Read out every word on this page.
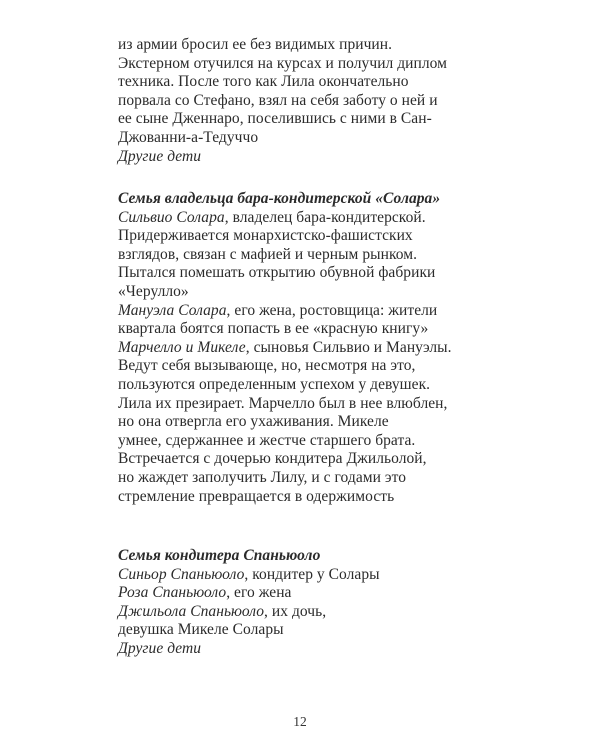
из армии бросил ее без видимых причин.
Экстерном отучился на курсах и получил диплом
техника. После того как Лила окончательно
порвала со Стефано, взял на себя заботу о ней и
ее сыне Дженнаро, поселившись с ними в Сан-
Джованни-а-Тедуччо
Другие дети
Семья владельца бара-кондитерской «Солара»
Сильвио Солара, владелец бара-кондитерской.
Придерживается монархистско-фашистских
взглядов, связан с мафией и черным рынком.
Пытался помешать открытию обувной фабрики
«Черулло»
Мануэла Солара, его жена, ростовщица: жители
квартала боятся попасть в ее «красную книгу»
Марчелло и Микеле, сыновья Сильвио и Мануэлы.
Ведут себя вызывающе, но, несмотря на это,
пользуются определенным успехом у девушек.
Лила их презирает. Марчелло был в нее влюблен,
но она отвергла его ухаживания. Микеле
умнее, сдержаннее и жестче старшего брата.
Встречается с дочерью кондитера Джильолой,
но жаждет заполучить Лилу, и с годами это
стремление превращается в одержимость
Семья кондитера Спаньюоло
Синьор Спаньюоло, кондитер у Солары
Роза Спаньюоло, его жена
Джильола Спаньюоло, их дочь,
девушка Микеле Солары
Другие дети
12
